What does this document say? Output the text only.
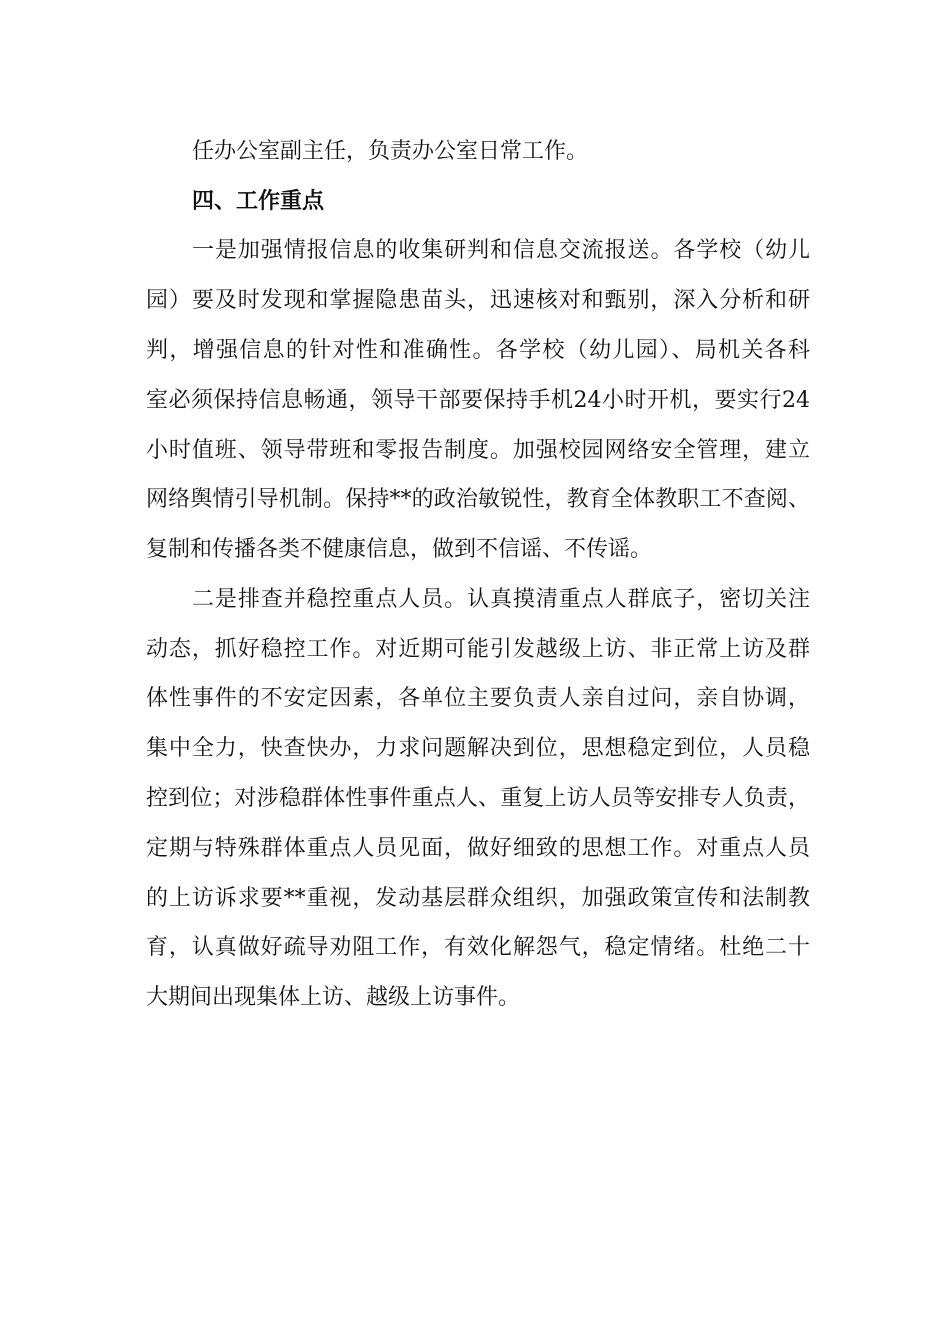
任办公室副主任，负责办公室日常工作。

四、工作重点

一是加强情报信息的收集研判和信息交流报送。各学校（幼儿

园）要及时发现和掌握隐患苗头，迅速核对和甄别，深入分析和研

判，增强信息的针对性和准确性。各学校（幼儿园）、局机关各科

室必须保持信息畅通，领导干部要保持手机24小时开机，要实行24

小时值班、领导带班和零报告制度。加强校园网络安全管理，建立

网络舆情引导机制。保持**的政治敏锐性，教育全体教职工不查阅、

复制和传播各类不健康信息，做到不信谣、不传谣。

二是排查并稳控重点人员。认真摸清重点人群底子，密切关注

动态，抓好稳控工作。对近期可能引发越级上访、非正常上访及群

体性事件的不安定因素，各单位主要负责人亲自过问，亲自协调，

集中全力，快查快办，力求问题解决到位，思想稳定到位，人员稳

控到位；对涉稳群体性事件重点人、重复上访人员等安排专人负责，

定期与特殊群体重点人员见面，做好细致的思想工作。对重点人员

的上访诉求要**重视，发动基层群众组织，加强政策宣传和法制教

育，认真做好疏导劝阻工作，有效化解怨气，稳定情绪。杜绝二十

大期间出现集体上访、越级上访事件。
